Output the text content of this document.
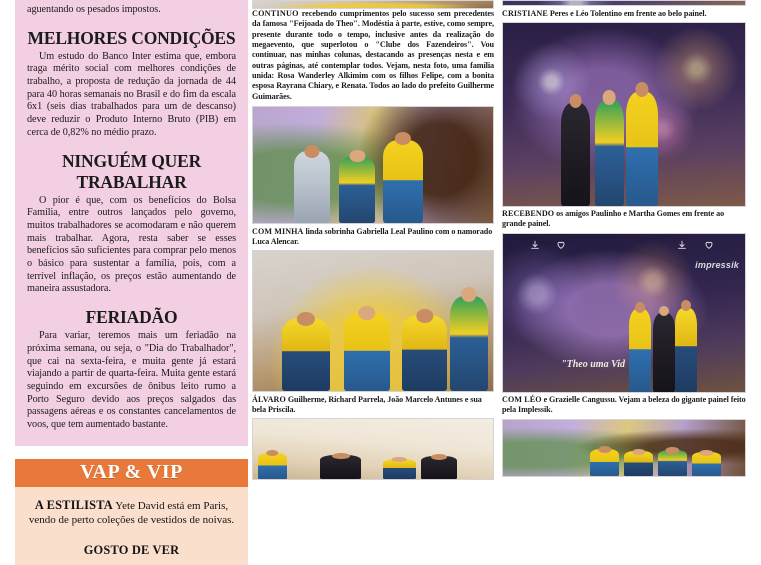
aguentando os pesados impostos.

MELHORES CONDIÇÕES

Um estudo do Banco Inter estima que, embora traga mérito social com melhores condições de trabalho, a proposta de redução da jornada de 44 para 40 horas semanais no Brasil e do fim da escala 6x1 (seis dias trabalhados para um de descanso) deve reduzir o Produto Interno Bruto (PIB) em cerca de 0,82% no médio prazo.

NINGUÉM QUER TRABALHAR

O pior é que, com os benefícios do Bolsa Família, entre outros lançados pelo governo, muitos trabalhadores se acomodaram e não querem mais trabalhar. Agora, resta saber se esses benefícios são suficientes para comprar pelo menos o básico para sustentar a família, pois, com a terrível inflação, os preços estão aumentando de maneira assustadora.

FERIADÃO

Para variar, teremos mais um feriadão na próxima semana, ou seja, o "Dia do Trabalhador", que cai na sexta-feira, e muita gente já estará viajando a partir de quarta-feira. Muita gente estará seguindo em excursões de ônibus leito rumo a Porto Seguro devido aos preços salgados das passagens aéreas e os constantes cancelamentos de voos, que tem aumentado bastante.

VAP & VIP

A ESTILISTA Yete David está em Paris, vendo de perto coleções de vestidos de noivas.

GOSTO DE VER

CONTINUO recebendo cumprimentos pelo sucesso sem precedentes da famosa "Feijoada do Theo". Modéstia à parte, estive, como sempre, presente durante todo o tempo, inclusive antes da realização do megaevento, que superlotou o "Clube dos Fazendeiros". Vou continuar, nas minhas colunas, destacando as presenças nesta e em outras páginas, até contemplar todos. Vejam, nesta foto, uma família unida: Rosa Wanderley Alkimim com os filhos Felipe, com a bonita esposa Rayrana Chiary, e Renata. Todos ao lado do prefeito Guilherme Guimarães.

COM MINHA linda sobrinha Gabriella Leal Paulino com o namorado Luca Alencar.

ÁLVARO Guilherme, Richard Parrela, João Marcelo Antunes e sua bela Priscila.

CRISTIANE Peres e Léo Tolentino em frente ao belo painel.

RECEBENDO os amigos Paulinho e Martha Gomes em frente ao grande painel.

impressik
"Theo uma Vid

COM LÉO e Grazielle Cangussu. Vejam a beleza do gigante painel feito pela Implessik.
